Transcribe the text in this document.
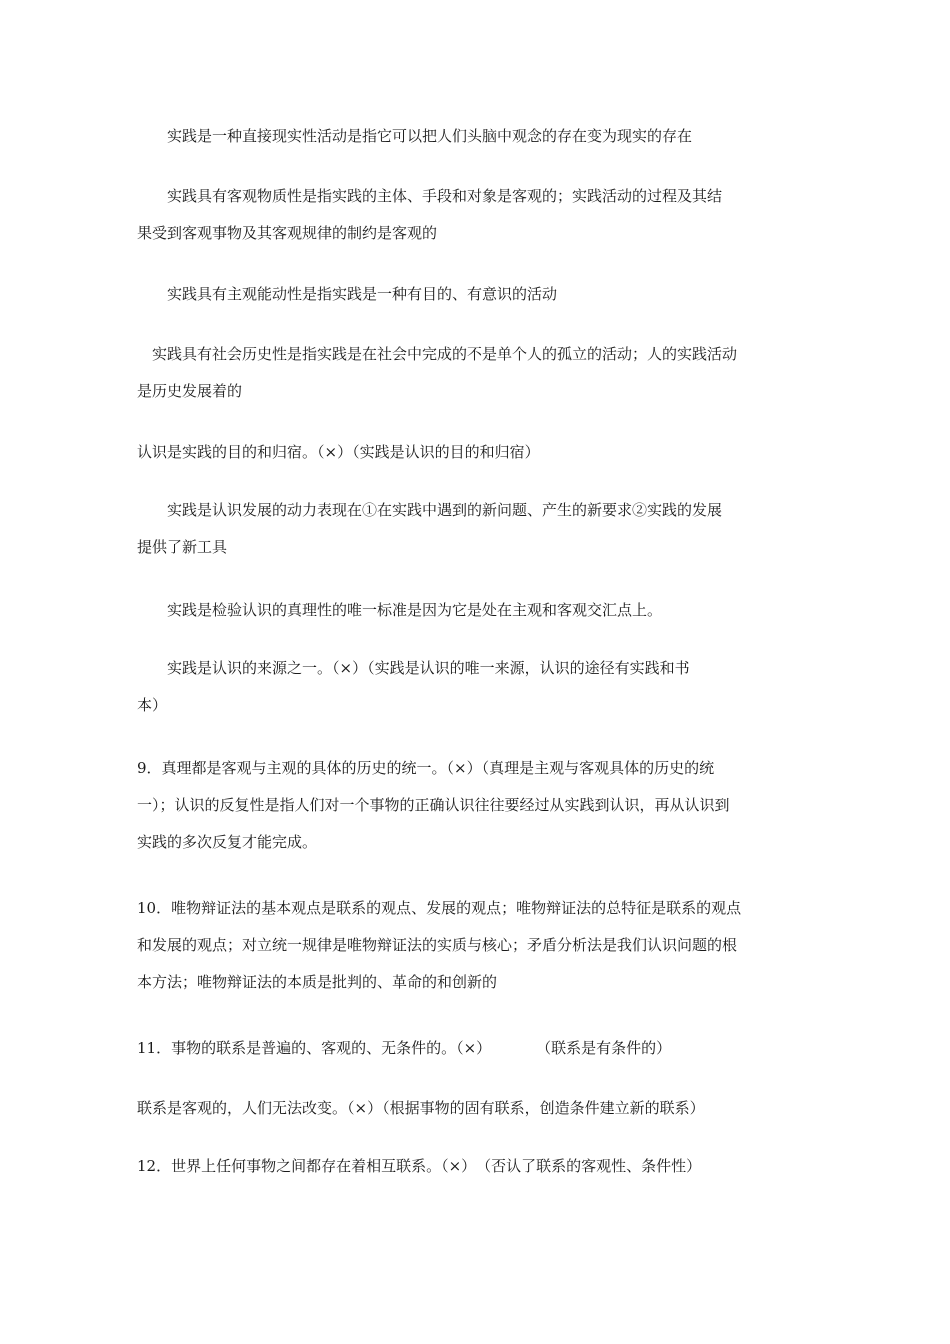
　　实践是一种直接现实性活动是指它可以把人们头脑中观念的存在变为现实的存在

　　实践具有客观物质性是指实践的主体、手段和对象是客观的；实践活动的过程及其结
果受到客观事物及其客观规律的制约是客观的

　　实践具有主观能动性是指实践是一种有目的、有意识的活动

　实践具有社会历史性是指实践是在社会中完成的不是单个人的孤立的活动；人的实践活动
是历史发展着的

认识是实践的目的和归宿。（×）（实践是认识的目的和归宿）

　　实践是认识发展的动力表现在①在实践中遇到的新问题、产生的新要求②实践的发展
提供了新工具

　　实践是检验认识的真理性的唯一标准是因为它是处在主观和客观交汇点上。

　　实践是认识的来源之一。（×）（实践是认识的唯一来源，认识的途径有实践和书
本）

9．真理都是客观与主观的具体的历史的统一。（×）（真理是主观与客观具体的历史的统
一）；认识的反复性是指人们对一个事物的正确认识往往要经过从实践到认识，再从认识到
实践的多次反复才能完成。

10．唯物辩证法的基本观点是联系的观点、发展的观点；唯物辩证法的总特征是联系的观点
和发展的观点；对立统一规律是唯物辩证法的实质与核心；矛盾分析法是我们认识问题的根
本方法；唯物辩证法的本质是批判的、革命的和创新的

11．事物的联系是普遍的、客观的、无条件的。（×）　　　　（联系是有条件的）

联系是客观的，人们无法改变。（×）（根据事物的固有联系，创造条件建立新的联系）

12．世界上任何事物之间都存在着相互联系。（×）　（否认了联系的客观性、条件性）
